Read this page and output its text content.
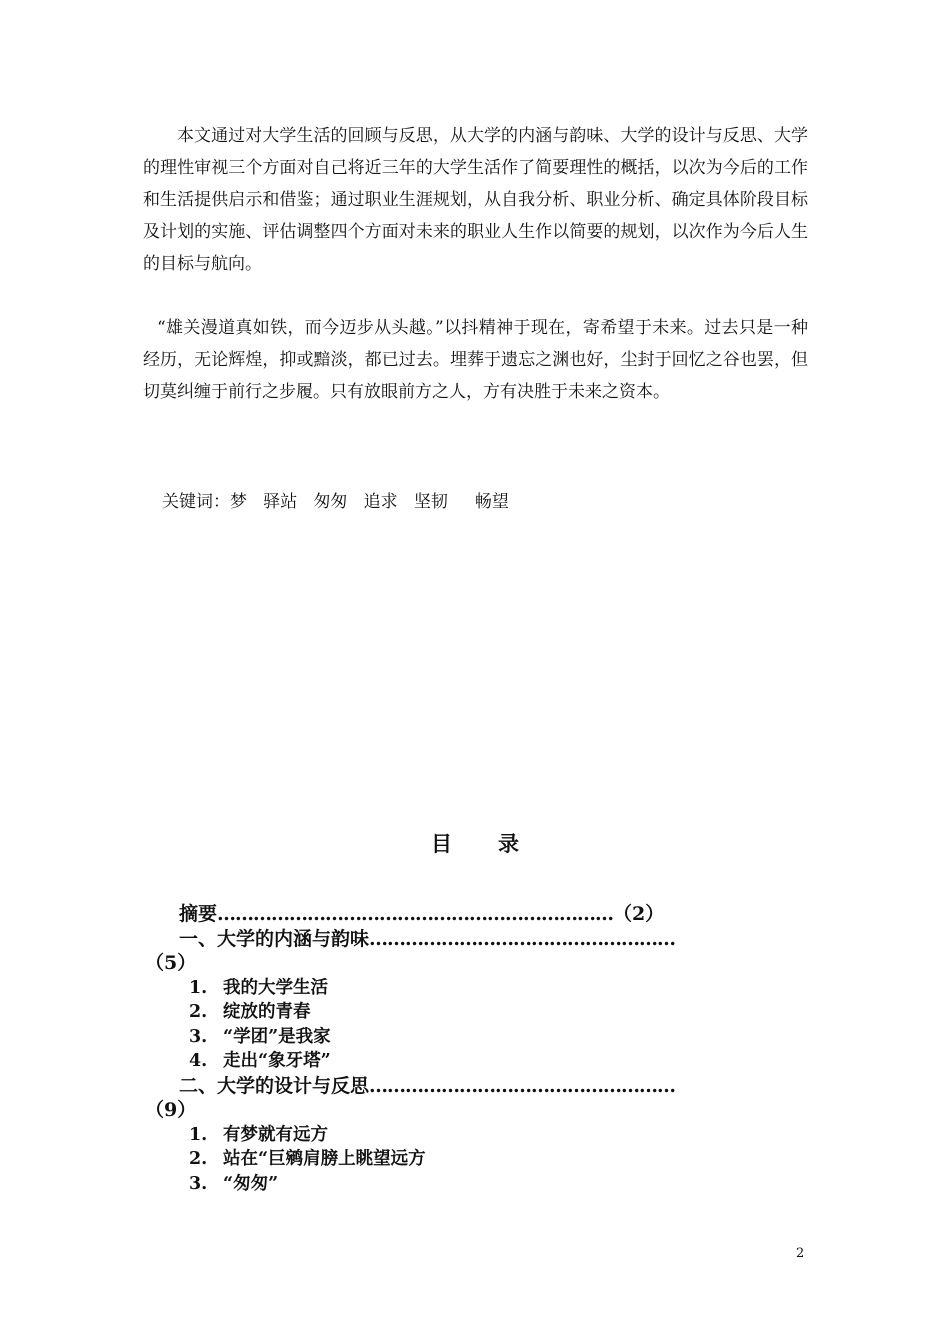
本文通过对大学生活的回顾与反思，从大学的内涵与韵味、大学的设计与反思、大学的理性审视三个方面对自己将近三年的大学生活作了简要理性的概括，以次为今后的工作和生活提供启示和借鉴；通过职业生涯规划，从自我分析、职业分析、确定具体阶段目标及计划的实施、评估调整四个方面对未来的职业人生作以简要的规划，以次作为今后人生的目标与航向。

“雄关漫道真如铁，而今迈步从头越。”以抖精神于现在，寄希望于未来。过去只是一种经历，无论辉煌，抑或黯淡，都已过去。埋葬于遗忘之渊也好，尘封于回忆之谷也罢，但切莫纠缠于前行之步履。只有放眼前方之人，方有决胜于未来之资本。

关键词：梦 驿站 匆匆 追求 坚韧 畅望

目录

摘要…………………………………………………………（2）
一、大学的内涵与韵味……………………………………………
（5）
1. 我的大学生活
2. 绽放的青春
3. “学团”是我家
4. 走出“象牙塔”
二、大学的设计与反思……………………………………………
（9）
1. 有梦就有远方
2. 站在“巨鹓肩膀上眺望远方
3. “匆匆”

2
